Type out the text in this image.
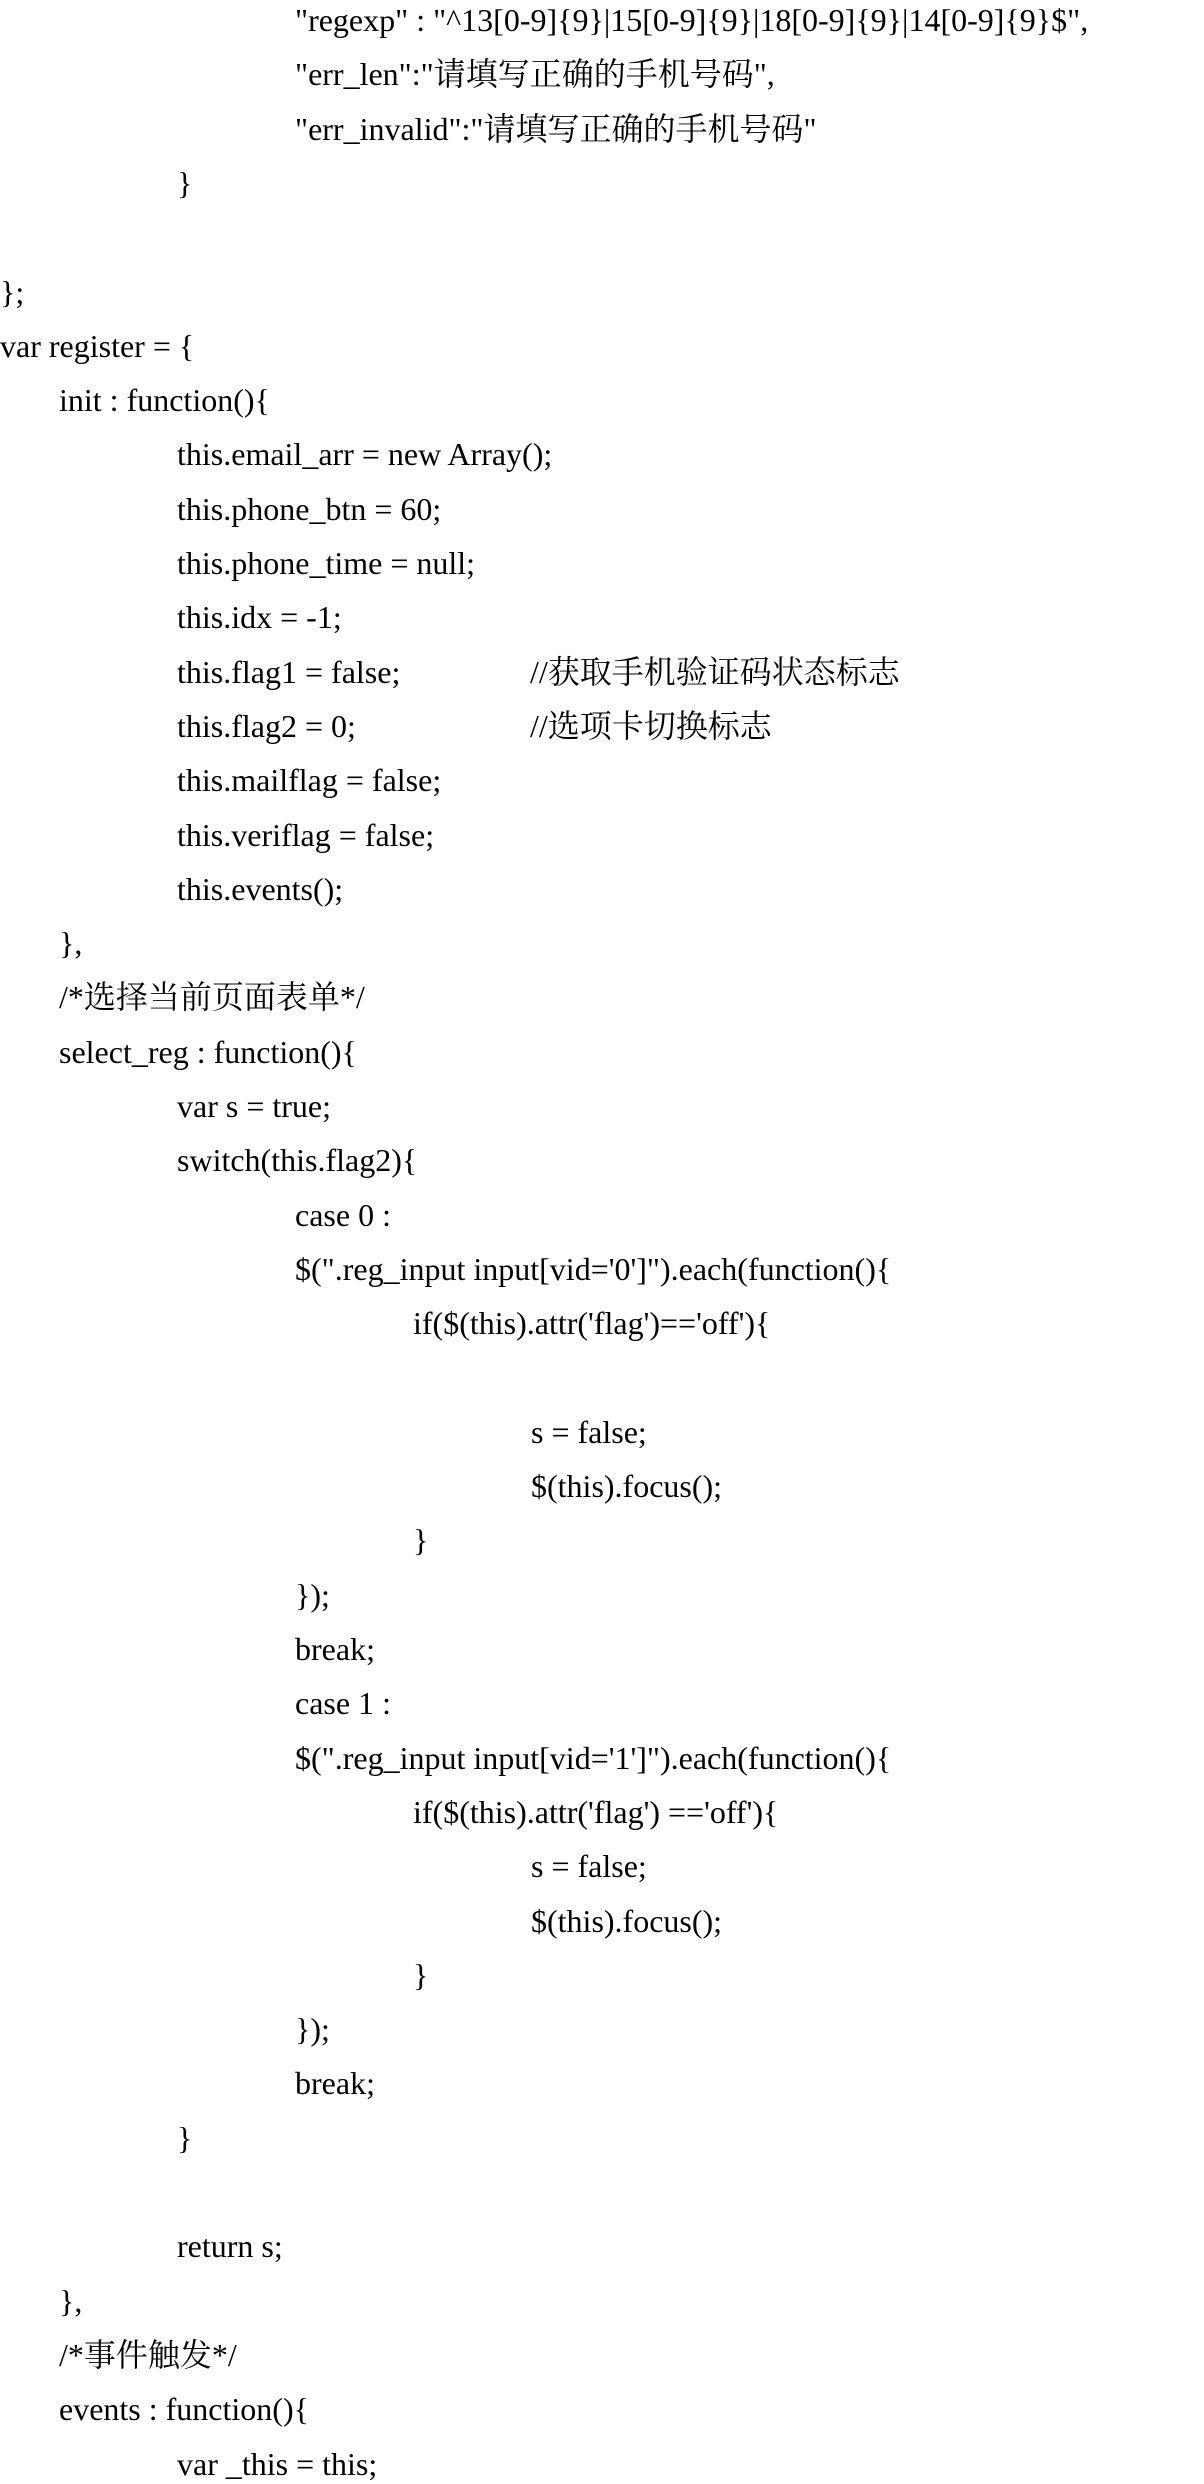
"regexp" : "^13[0-9]{9}|15[0-9]{9}|18[0-9]{9}|14[0-9]{9}$",
"err_len":"请填写正确的手机号码",
"err_invalid":"请填写正确的手机号码"
}
};
var register = {
init : function(){
this.email_arr = new Array();
this.phone_btn = 60;
this.phone_time = null;
this.idx = -1;
this.flag1 = false;	//获取手机验证码状态标志
this.flag2 = 0;	//选项卡切换标志
this.mailflag = false;
this.veriflag = false;
this.events();
},
/*选择当前页面表单*/
select_reg : function(){
var s = true;
switch(this.flag2){
case 0 :
$(".reg_input input[vid='0']").each(function(){
if($(this).attr('flag')=='off'){
s = false;
$(this).focus();
}
});
break;
case 1 :
$(".reg_input input[vid='1']").each(function(){
if($(this).attr('flag') =='off'){
s = false;
$(this).focus();
}
});
break;
}
return s;
},
/*事件触发*/
events : function(){
var _this = this;
